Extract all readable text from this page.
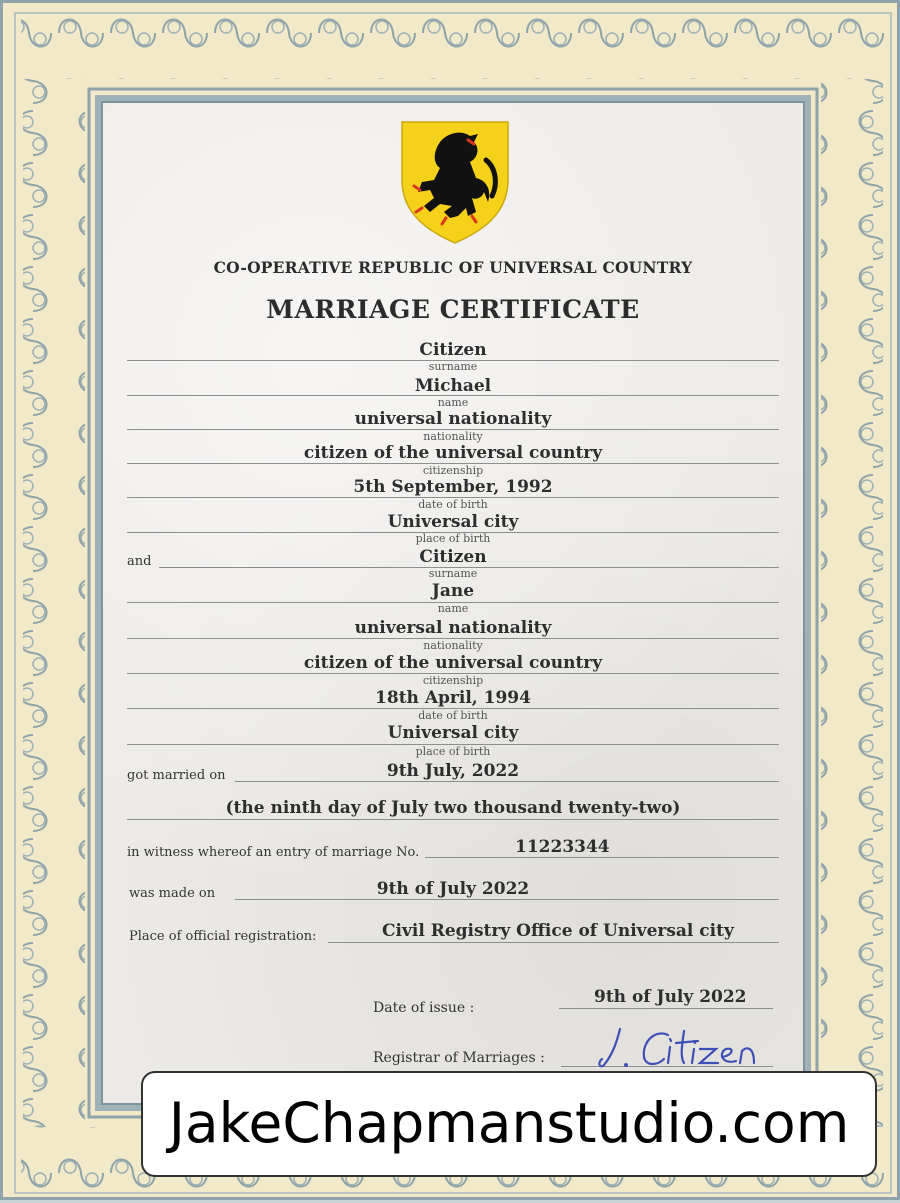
CO-OPERATIVE REPUBLIC OF UNIVERSAL COUNTRY
MARRIAGE CERTIFICATE
Citizen
surname
Michael
name
universal nationality
nationality
citizen of the universal country
citizenship
5th September, 1992
date of birth
Universal city
place of birth
and	Citizen
surname
Jane
name
universal nationality
nationality
citizen of the universal country
citizenship
18th April, 1994
date of birth
Universal city
place of birth
got married on	9th July, 2022
(the ninth day of July two thousand twenty-two)
in witness whereof an entry of marriage No.	11223344
was made on	9th of July 2022
Place of official registration:	Civil Registry Office of Universal city
Date of issue :
9th of July 2022
Registrar of Marriages :
JakeChapmanstudio.com
